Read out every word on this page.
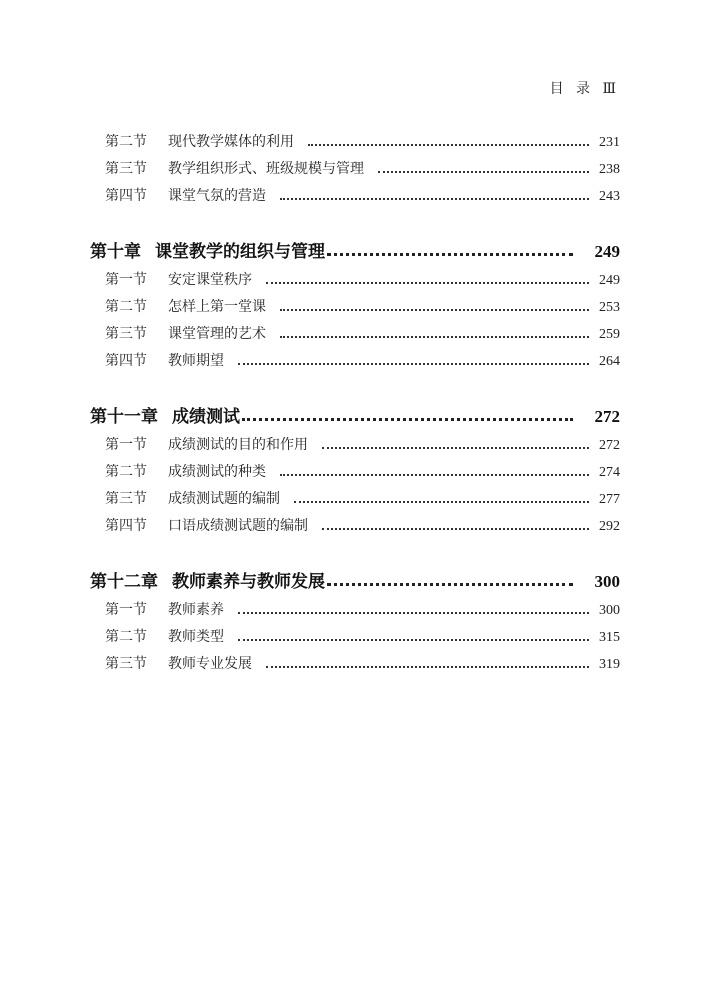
目 录 Ⅲ
第二节	现代教学媒体的利用	231
第三节	教学组织形式、班级规模与管理	238
第四节	课堂气氛的营造	243
第十章 课堂教学的组织与管理	249
第一节	安定课堂秩序	249
第二节	怎样上第一堂课	253
第三节	课堂管理的艺术	259
第四节	教师期望	264
第十一章 成绩测试	272
第一节	成绩测试的目的和作用	272
第二节	成绩测试的种类	274
第三节	成绩测试题的编制	277
第四节	口语成绩测试题的编制	292
第十二章 教师素养与教师发展	300
第一节	教师素养	300
第二节	教师类型	315
第三节	教师专业发展	319
